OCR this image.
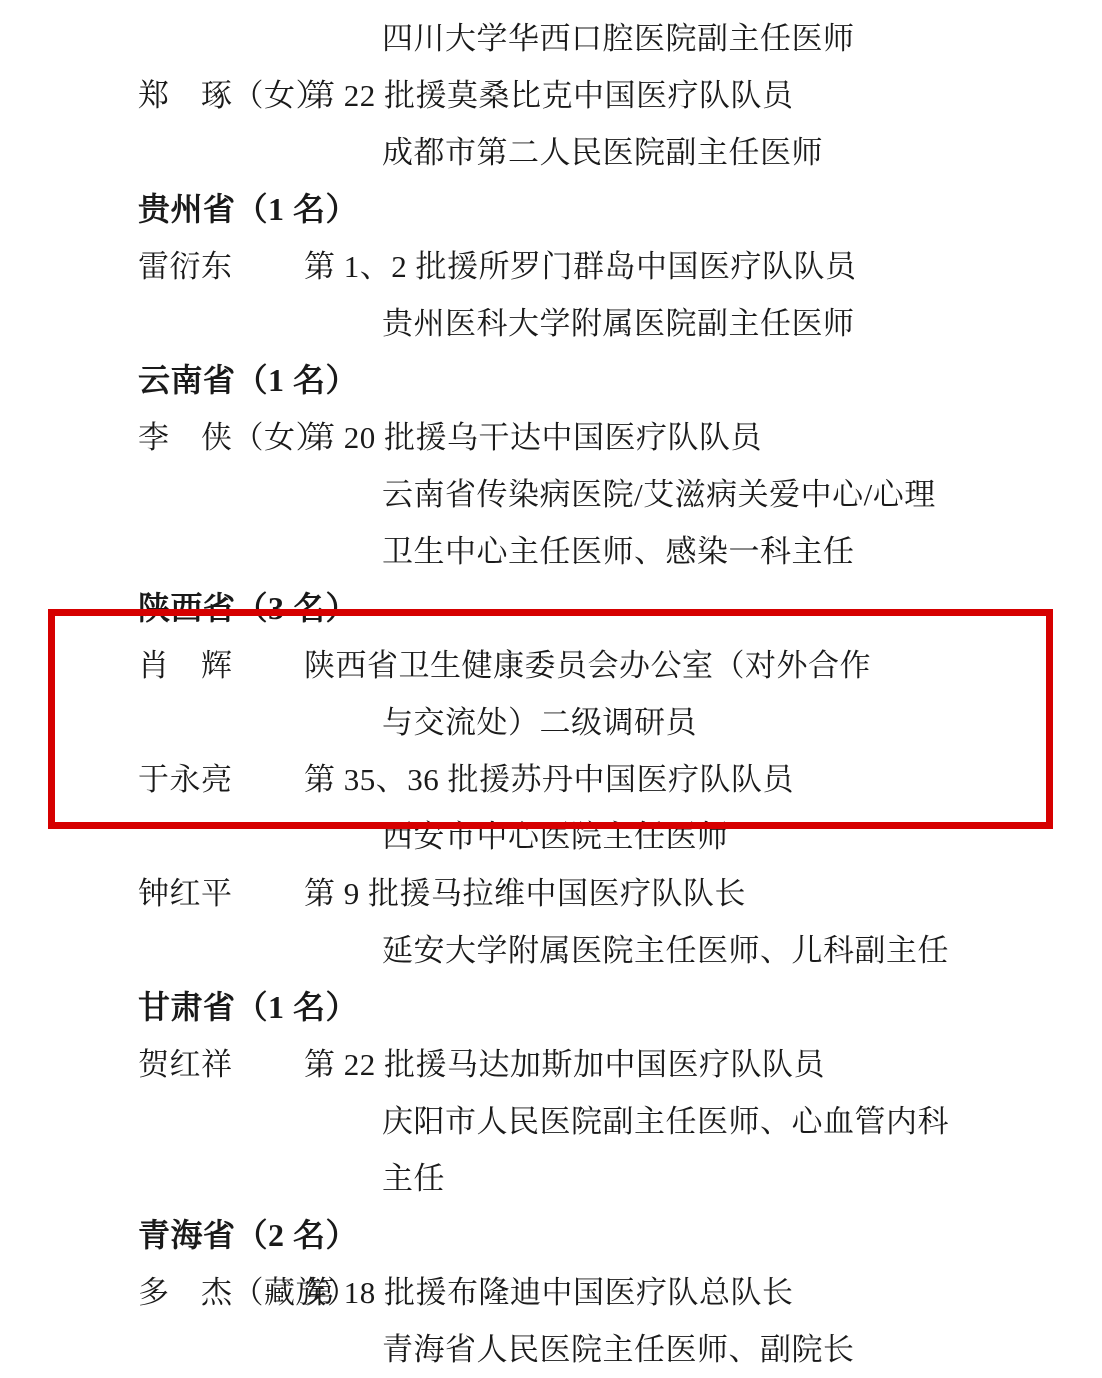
四川大学华西口腔医院副主任医师
郑　琢（女）第 22 批援莫桑比克中国医疗队队员
成都市第二人民医院副主任医师
贵州省（1 名）
雷衍东 第 1、2 批援所罗门群岛中国医疗队队员
贵州医科大学附属医院副主任医师
云南省（1 名）
李　侠（女）第 20 批援乌干达中国医疗队队员
云南省传染病医院/艾滋病关爱中心/心理
卫生中心主任医师、感染一科主任
陕西省（3 名）
肖　辉 陕西省卫生健康委员会办公室（对外合作
与交流处）二级调研员
于永亮 第 35、36 批援苏丹中国医疗队队员
西安市中心医院主任医师
钟红平 第 9 批援马拉维中国医疗队队长
延安大学附属医院主任医师、儿科副主任
甘肃省（1 名）
贺红祥 第 22 批援马达加斯加中国医疗队队员
庆阳市人民医院副主任医师、心血管内科
主任
青海省（2 名）
多　杰（藏族）第 18 批援布隆迪中国医疗队总队长
青海省人民医院主任医师、副院长
